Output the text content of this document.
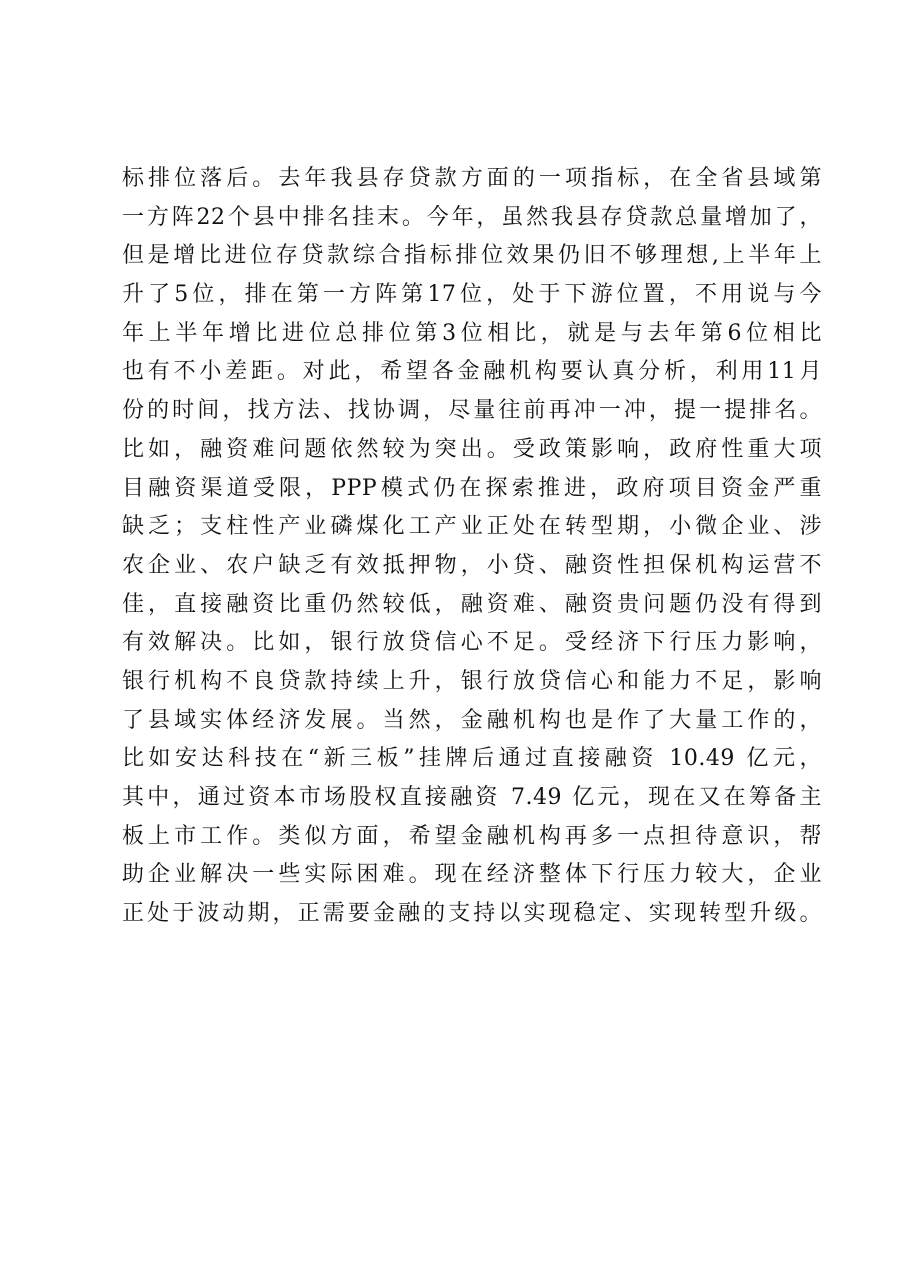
标排位落后。去年我县存贷款方面的一项指标，在全省县域第
一方阵22个县中排名挂末。今年，虽然我县存贷款总量增加了，
但是增比进位存贷款综合指标排位效果仍旧不够理想,上半年上
升了5位，排在第一方阵第17位，处于下游位置，不用说与今
年上半年增比进位总排位第3位相比，就是与去年第6位相比
也有不小差距。对此，希望各金融机构要认真分析，利用11月
份的时间，找方法、找协调，尽量往前再冲一冲，提一提排名。
比如，融资难问题依然较为突出。受政策影响，政府性重大项
目融资渠道受限，PPP模式仍在探索推进，政府项目资金严重
缺乏；支柱性产业磷煤化工产业正处在转型期，小微企业、涉
农企业、农户缺乏有效抵押物，小贷、融资性担保机构运营不
佳，直接融资比重仍然较低，融资难、融资贵问题仍没有得到
有效解决。比如，银行放贷信心不足。受经济下行压力影响，
银行机构不良贷款持续上升，银行放贷信心和能力不足，影响
了县域实体经济发展。当然，金融机构也是作了大量工作的，
比如安达科技在“新三板”挂牌后通过直接融资 10.49 亿元，
其中，通过资本市场股权直接融资 7.49 亿元，现在又在筹备主
板上市工作。类似方面，希望金融机构再多一点担待意识，帮
助企业解决一些实际困难。现在经济整体下行压力较大，企业
正处于波动期，正需要金融的支持以实现稳定、实现转型升级。
